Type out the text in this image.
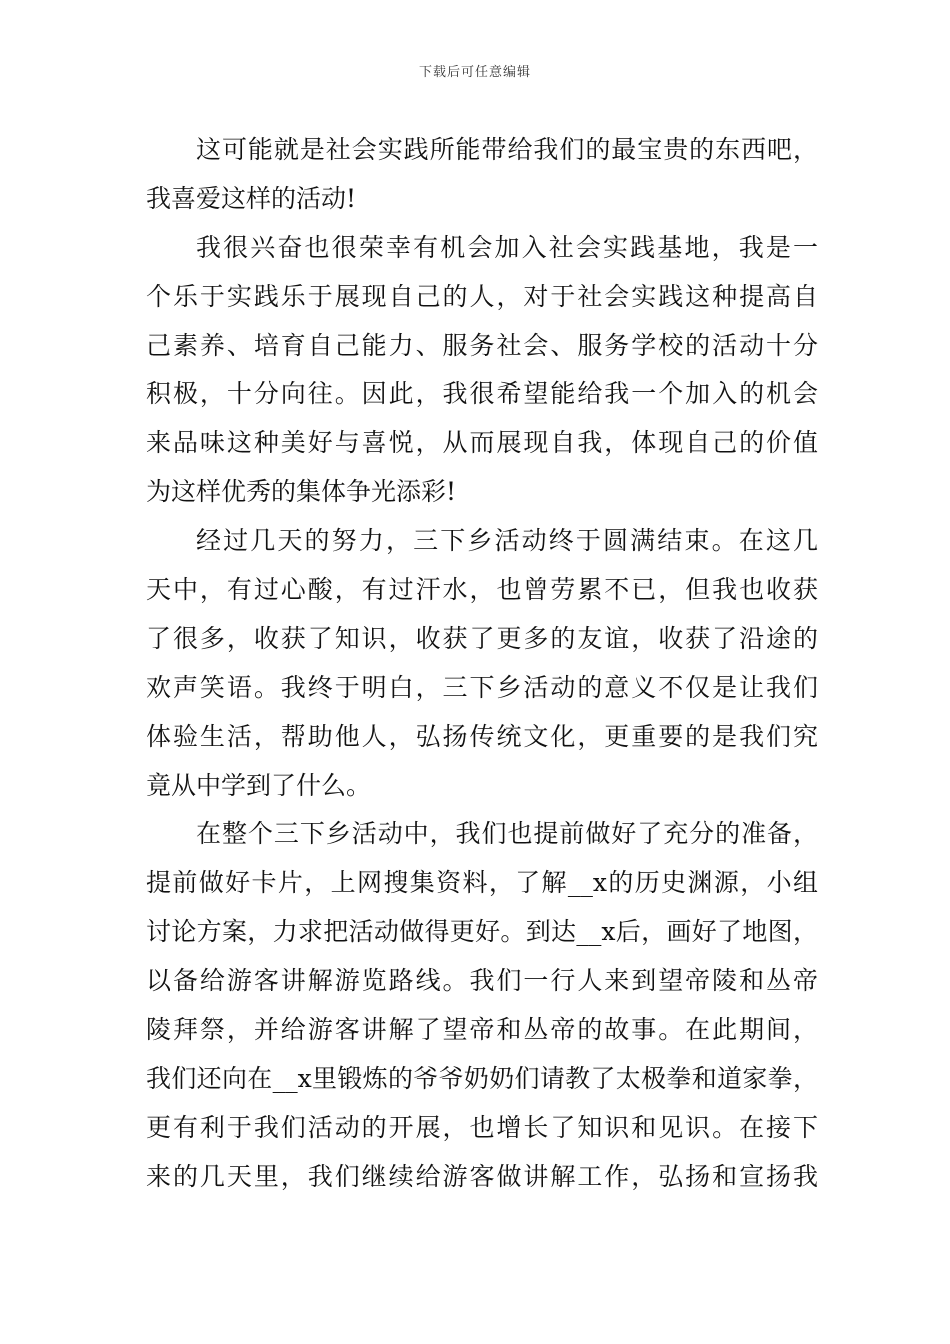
下载后可任意编辑
这可能就是社会实践所能带给我们的最宝贵的东西吧，
我喜爱这样的活动!
我很兴奋也很荣幸有机会加入社会实践基地，我是一
个乐于实践乐于展现自己的人，对于社会实践这种提高自
己素养、培育自己能力、服务社会、服务学校的活动十分
积极，十分向往。因此，我很希望能给我一个加入的机会
来品味这种美好与喜悦，从而展现自我，体现自己的价值
为这样优秀的集体争光添彩!
经过几天的努力，三下乡活动终于圆满结束。在这几
天中，有过心酸，有过汗水，也曾劳累不已，但我也收获
了很多，收获了知识，收获了更多的友谊，收获了沿途的
欢声笑语。我终于明白，三下乡活动的意义不仅是让我们
体验生活，帮助他人，弘扬传统文化，更重要的是我们究
竟从中学到了什么。
在整个三下乡活动中，我们也提前做好了充分的准备，
提前做好卡片，上网搜集资料，了解__x的历史渊源，小组
讨论方案，力求把活动做得更好。到达__x后，画好了地图，
以备给游客讲解游览路线。我们一行人来到望帝陵和丛帝
陵拜祭，并给游客讲解了望帝和丛帝的故事。在此期间，
我们还向在__x里锻炼的爷爷奶奶们请教了太极拳和道家拳，
更有利于我们活动的开展，也增长了知识和见识。在接下
来的几天里，我们继续给游客做讲解工作，弘扬和宣扬我
